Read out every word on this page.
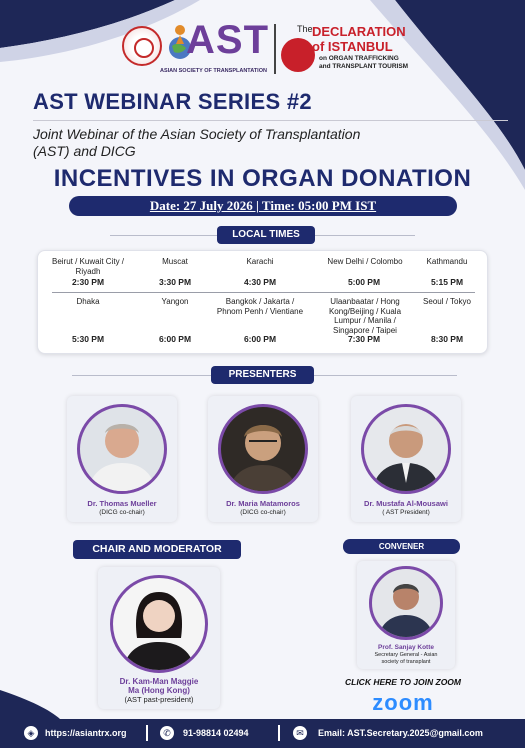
AST
ASIAN SOCIETY OF TRANSPLANTATION
The DECLARATION
of ISTANBUL
on ORGAN TRAFFICKING
and TRANSPLANT TOURISM
AST WEBINAR SERIES #2
Joint Webinar of the Asian Society of Transplantation (AST) and DICG
INCENTIVES IN ORGAN DONATION
Date: 27 July 2026 | Time: 05:00 PM IST
LOCAL TIMES
Beirut / Kuwait City / Riyadh
2:30 PM
Muscat
3:30 PM
Karachi
4:30 PM
New Delhi / Colombo
5:00 PM
Kathmandu
5:15 PM
Dhaka
5:30 PM
Yangon
6:00 PM
Bangkok / Jakarta / Phnom Penh / Vientiane
6:00 PM
Ulaanbaatar / Hong Kong/Beijing / Kuala Lumpur / Manila / Singapore / Taipei
7:30 PM
Seoul / Tokyo
8:30 PM
PRESENTERS
Dr. Thomas Mueller
(DICG co-chair)
Dr. Maria Matamoros
(DICG co-chair)
Dr. Mustafa Al-Mousawi
( AST President)
CHAIR AND MODERATOR
Dr. Kam-Man Maggie
Ma (Hong Kong)
(AST past-president)
CONVENER
Prof. Sanjay Kotte
Secretary General - Asian
society of transplant
CLICK HERE TO JOIN ZOOM
zoom
◈	https://asiantrx.org	✆	91-98814 02494	✉	Email: AST.Secretary.2025@gmail.com
